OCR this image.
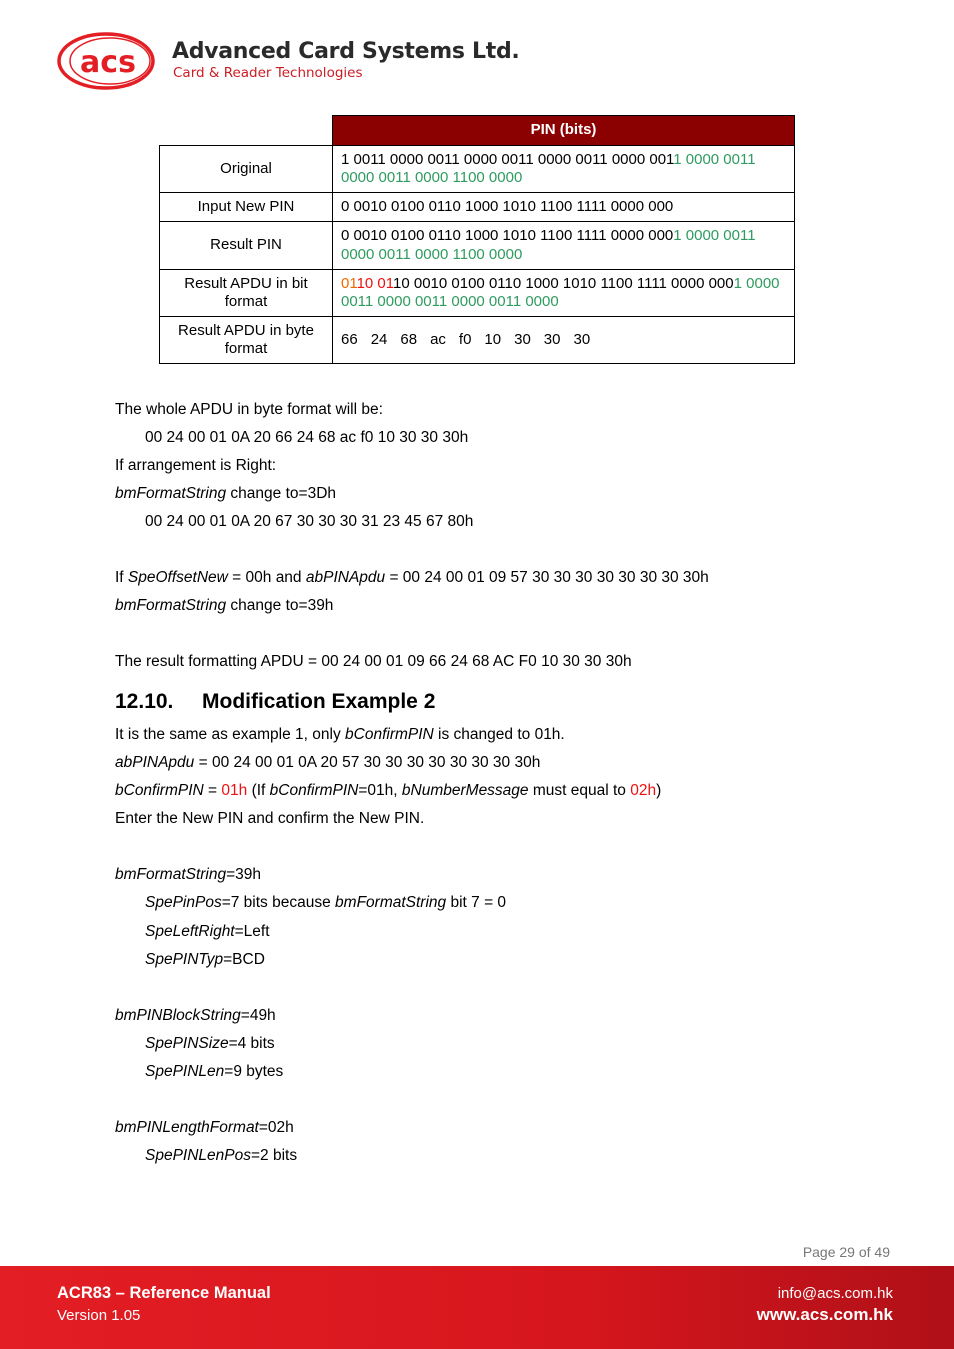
acs Advanced Card Systems Ltd.
Card & Reader Technologies
	PIN (bits)
Original	1 0011 0000 0011 0000 0011 0000 0011 0000 0011 0000 0011 0000 0011 0000 1100 0000
Input New PIN	0 0010 0100 0110 1000 1010 1100 1111 0000 000
Result PIN	0 0010 0100 0110 1000 1010 1100 1111 0000 0001 0000 0011 0000 0011 0000 1100 0000
Result APDU in bit format	0110 0110 0010 0100 0110 1000 1010 1100 1111 0000 0001 0000 0011 0000 0011 0000 0011 0000
Result APDU in byte format	66 24 68 ac f0 10 30 30 30
The whole APDU in byte format will be:
00 24 00 01 0A 20 66 24 68 ac f0 10 30 30 30h
If arrangement is Right:
bmFormatString change to=3Dh
00 24 00 01 0A 20 67 30 30 30 31 23 45 67 80h
If SpeOffsetNew = 00h and abPINApdu = 00 24 00 01 09 57 30 30 30 30 30 30 30 30h
bmFormatString change to=39h
The result formatting APDU = 00 24 00 01 09 66 24 68 AC F0 10 30 30 30h
12.10. Modification Example 2
It is the same as example 1, only bConfirmPIN is changed to 01h.
abPINApdu = 00 24 00 01 0A 20 57 30 30 30 30 30 30 30 30h
bConfirmPIN = 01h (If bConfirmPIN=01h, bNumberMessage must equal to 02h)
Enter the New PIN and confirm the New PIN.
bmFormatString=39h
SpePinPos=7 bits because bmFormatString bit 7 = 0
SpeLeftRight=Left
SpePINTyp=BCD
bmPINBlockString=49h
SpePINSize=4 bits
SpePINLen=9 bytes
bmPINLengthFormat=02h
SpePINLenPos=2 bits
Page 29 of 49
ACR83 – Reference Manual
Version 1.05
info@acs.com.hk
www.acs.com.hk
